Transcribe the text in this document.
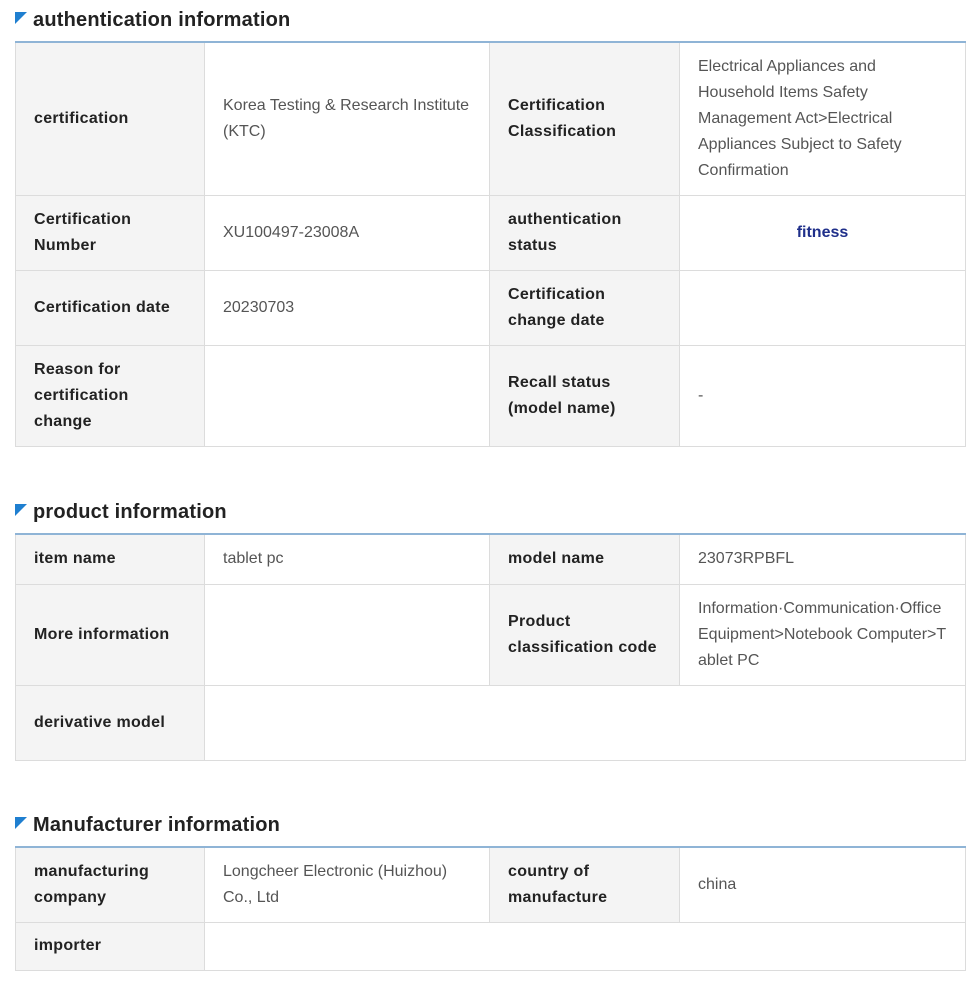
authentication information
certification	Korea Testing & Research Institute (KTC)	Certification Classification	Electrical Appliances and Household Items Safety Management Act>Electrical Appliances Subject to Safety Confirmation
Certification Number	XU100497-23008A	authentication status	fitness
Certification date	20230703	Certification change date	
Reason for certification change		Recall status (model name)	-
product information
item name	tablet pc	model name	23073RPBFL
More information		Product classification code	Information·Communication·Office Equipment>Notebook Computer>Tablet PC
derivative model			
Manufacturer information
manufacturing company	Longcheer Electronic (Huizhou) Co., Ltd	country of manufacture	china
importer			
